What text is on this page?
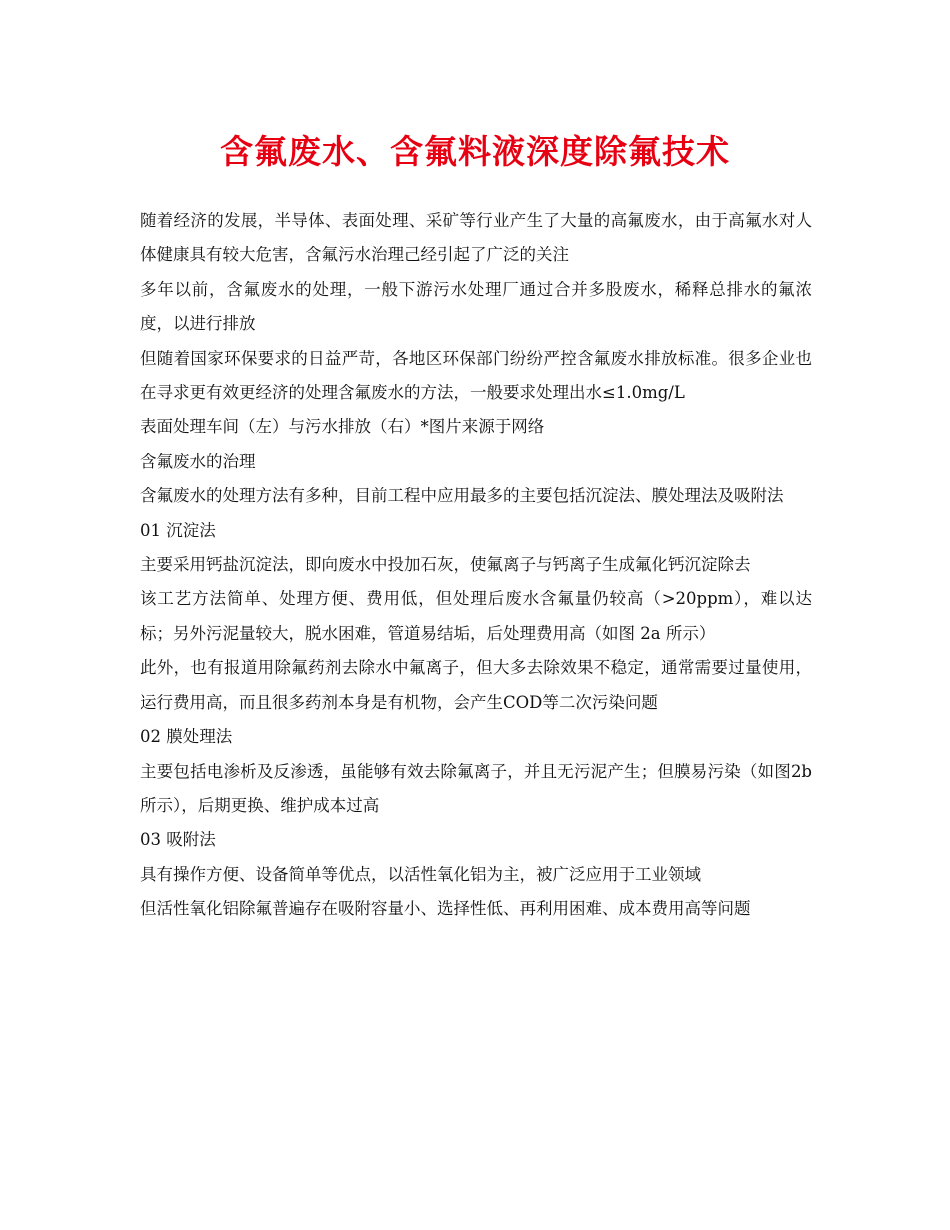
含氟废水、含氟料液深度除氟技术

随着经济的发展，半导体、表面处理、采矿等行业产生了大量的高氟废水，由于高氟水对人体健康具有较大危害，含氟污水治理己经引起了广泛的关注

多年以前，含氟废水的处理，一般下游污水处理厂通过合并多股废水，稀释总排水的氟浓度，以进行排放

但随着国家环保要求的日益严苛，各地区环保部门纷纷严控含氟废水排放标准。很多企业也在寻求更有效更经济的处理含氟废水的方法，一般要求处理出水≤1.0mg/L

表面处理车间（左）与污水排放（右）*图片来源于网络

含氟废水的治理

含氟废水的处理方法有多种，目前工程中应用最多的主要包括沉淀法、膜处理法及吸附法

01 沉淀法

主要采用钙盐沉淀法，即向废水中投加石灰，使氟离子与钙离子生成氟化钙沉淀除去

该工艺方法简单、处理方便、费用低，但处理后废水含氟量仍较高（>20ppm），难以达标；另外污泥量较大，脱水困难，管道易结垢，后处理费用高（如图 2a 所示）

此外，也有报道用除氟药剂去除水中氟离子，但大多去除效果不稳定，通常需要过量使用，运行费用高，而且很多药剂本身是有机物，会产生COD等二次污染问题

02 膜处理法

主要包括电渗析及反渗透，虽能够有效去除氟离子，并且无污泥产生；但膜易污染（如图2b所示），后期更换、维护成本过高

03 吸附法

具有操作方便、设备简单等优点，以活性氧化铝为主，被广泛应用于工业领域

但活性氧化铝除氟普遍存在吸附容量小、选择性低、再利用困难、成本费用高等问题
